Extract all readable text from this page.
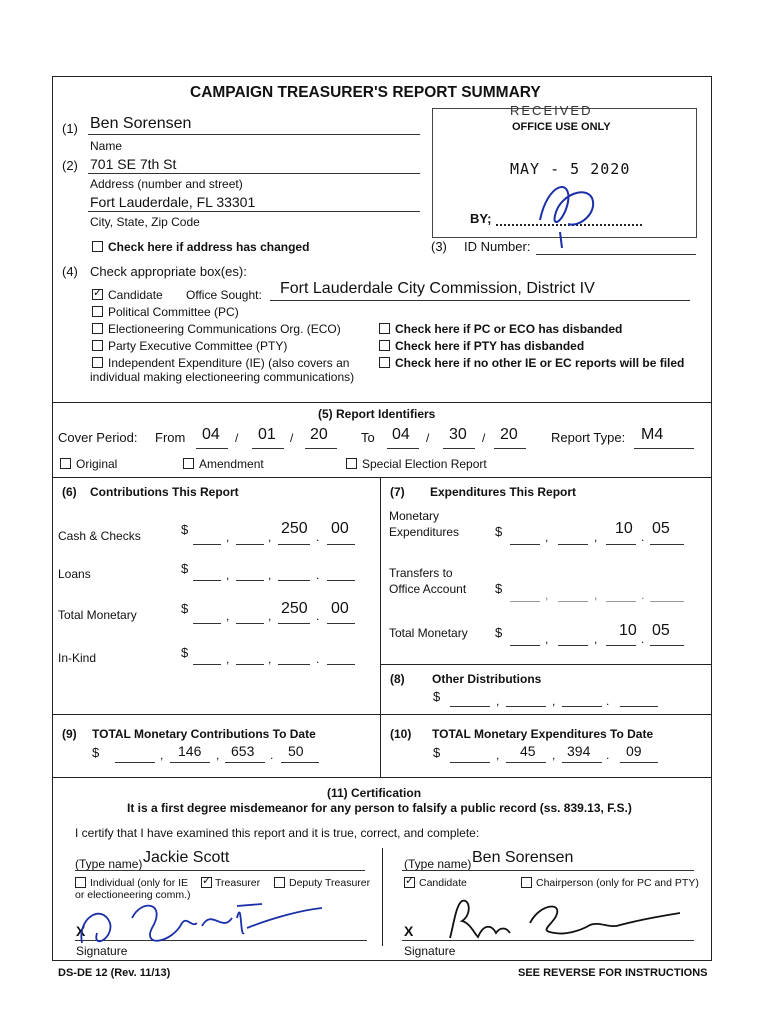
CAMPAIGN TREASURER'S REPORT SUMMARY
RECEIVED
OFFICE USE ONLY
MAY - 5 2020
BY;
(1) Ben Sorensen
Name
(2) 701 SE 7th St
Address (number and street)
Fort Lauderdale, FL 33301
City, State, Zip Code
Check here if address has changed	(3) ID Number:
(4) Check appropriate box(es):
✓
Candidate Office Sought: Fort Lauderdale City Commission, District IV
Political Committee (PC)
Electioneering Communications Org. (ECO)
Party Executive Committee (PTY)
Independent Expenditure (IE) (also covers an
individual making electioneering communications)
Check here if PC or ECO has disbanded
Check here if PTY has disbanded
Check here if no other IE or EC reports will be filed
(5) Report Identifiers
Cover Period: From 04 / 01 / 20	To 04 / 30 / 20	Report Type: M4
Original	Amendment	Special Election Report
(6) Contributions This Report
Cash & Checks	$	,	, 250 . 00
Loans	$	,	,	.
Total Monetary	$	,	, 250 . 00
In-Kind	$	,	,	.
(7) Expenditures This Report
Monetary
Expenditures	$	,	, 10 . 05
Transfers to
Office Account $	,	,	.
Total Monetary $	,	, 10 . 05
(8) Other Distributions
$	,	,	.
(9) TOTAL Monetary Contributions To Date
$	, 146 , 653 . 50
(10) TOTAL Monetary Expenditures To Date
$	, 45 , 394 . 09
(11) Certification
It is a first degree misdemeanor for any person to falsify a public record (ss. 839.13, F.S.)
I certify that I have examined this report and it is true, correct, and complete:
(Type name) Jackie Scott
Individual (only for IE
or electioneering comm.)
✓
Treasurer	Deputy Treasurer
(Type name) Ben Sorensen
✓
Candidate	Chairperson (only for PC and PTY)
X
Signature
X
Signature
DS-DE 12 (Rev. 11/13)	SEE REVERSE FOR INSTRUCTIONS
